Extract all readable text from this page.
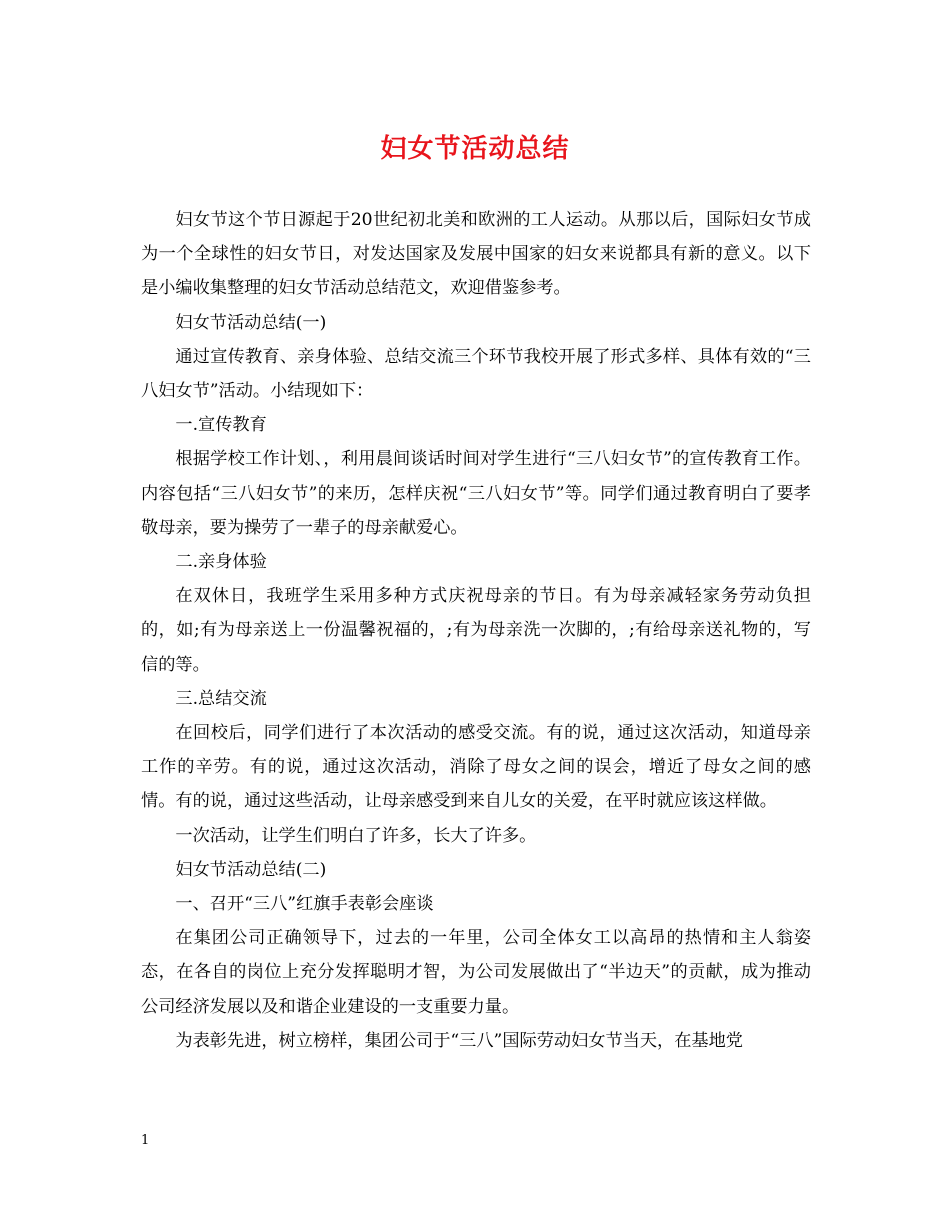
妇女节活动总结

妇女节这个节日源起于20世纪初北美和欧洲的工人运动。从那以后，国际妇女节成为一个全球性的妇女节日，对发达国家及发展中国家的妇女来说都具有新的意义。以下是小编收集整理的妇女节活动总结范文，欢迎借鉴参考。

妇女节活动总结(一)

通过宣传教育、亲身体验、总结交流三个环节我校开展了形式多样、具体有效的“三八妇女节”活动。小结现如下：

一.宣传教育

根据学校工作计划、，利用晨间谈话时间对学生进行“三八妇女节”的宣传教育工作。内容包括“三八妇女节”的来历，怎样庆祝“三八妇女节”等。同学们通过教育明白了要孝敬母亲，要为操劳了一辈子的母亲献爱心。

二.亲身体验

在双休日，我班学生采用多种方式庆祝母亲的节日。有为母亲减轻家务劳动负担的，如;有为母亲送上一份温馨祝福的，;有为母亲洗一次脚的，;有给母亲送礼物的，写信的等。

三.总结交流

在回校后，同学们进行了本次活动的感受交流。有的说，通过这次活动，知道母亲工作的辛劳。有的说，通过这次活动，消除了母女之间的误会，增近了母女之间的感情。有的说，通过这些活动，让母亲感受到来自儿女的关爱，在平时就应该这样做。

一次活动，让学生们明白了许多，长大了许多。

妇女节活动总结(二)

一、召开“三八”红旗手表彰会座谈

在集团公司正确领导下，过去的一年里，公司全体女工以高昂的热情和主人翁姿态，在各自的岗位上充分发挥聪明才智，为公司发展做出了“半边天”的贡献，成为推动公司经济发展以及和谐企业建设的一支重要力量。

为表彰先进，树立榜样，集团公司于“三八”国际劳动妇女节当天，在基地党

1
